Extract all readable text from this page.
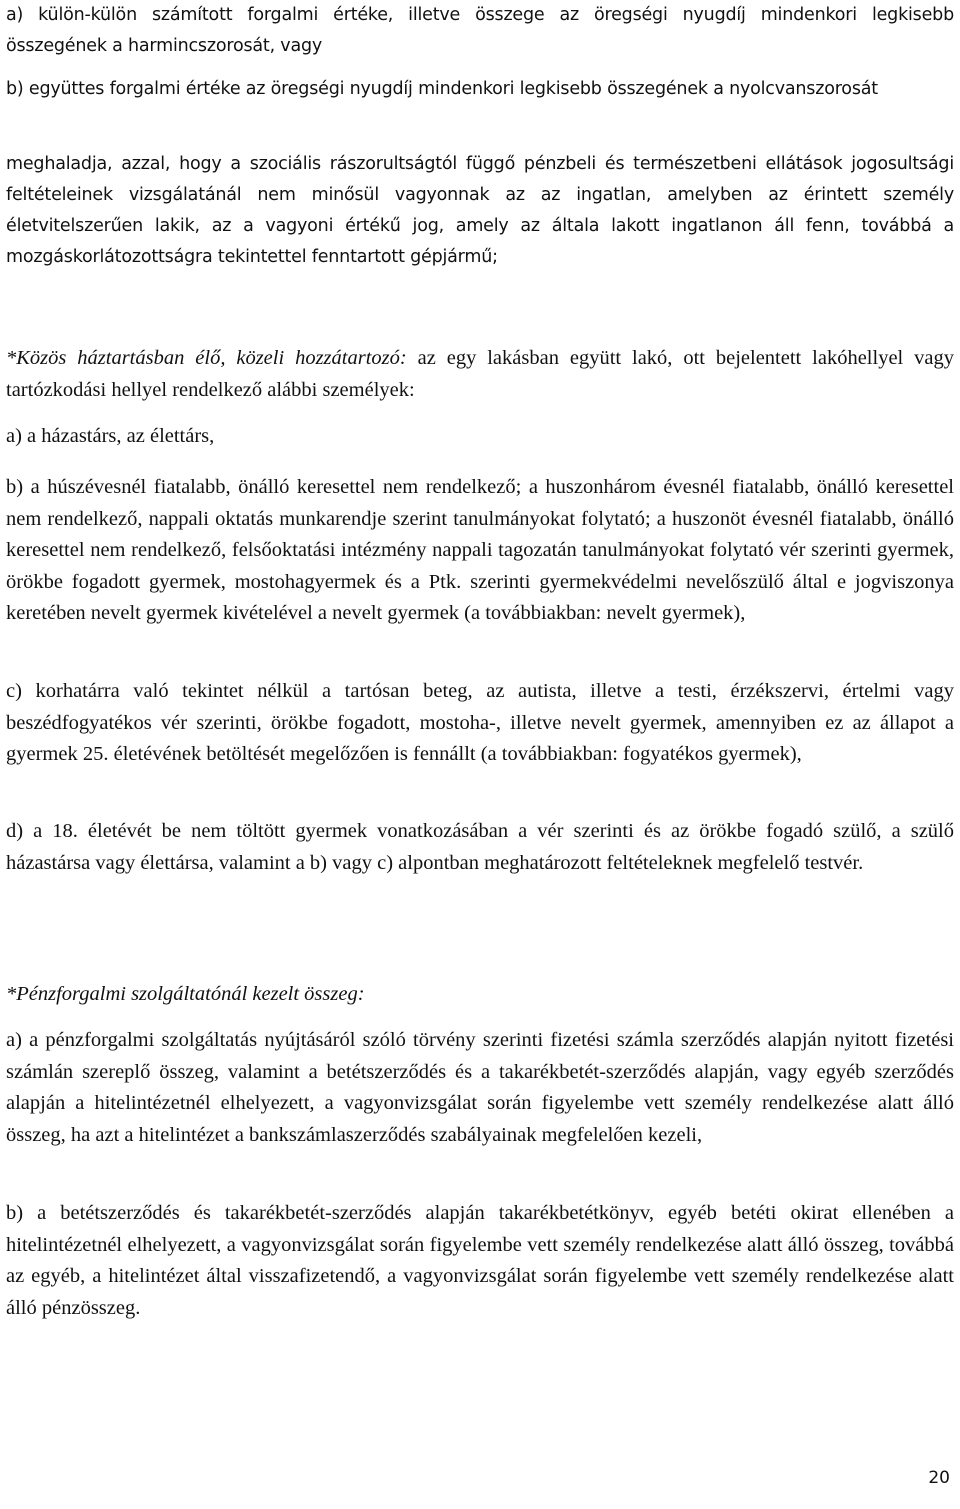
a) külön-külön számított forgalmi értéke, illetve összege az öregségi nyugdíj mindenkori legkisebb összegének a harmincszorosát, vagy

b) együttes forgalmi értéke az öregségi nyugdíj mindenkori legkisebb összegének a nyolcvanszorosát

meghaladja, azzal, hogy a szociális rászorultságtól függő pénzbeli és természetbeni ellátások jogosultsági feltételeinek vizsgálatánál nem minősül vagyonnak az az ingatlan, amelyben az érintett személy életvitelszerűen lakik, az a vagyoni értékű jog, amely az általa lakott ingatlanon áll fenn, továbbá a mozgáskorlátozottságra tekintettel fenntartott gépjármű;

*Közös háztartásban élő, közeli hozzátartozó: az egy lakásban együtt lakó, ott bejelentett lakóhellyel vagy tartózkodási hellyel rendelkező alábbi személyek:

a) a házastárs, az élettárs,

b) a húszévesnél fiatalabb, önálló keresettel nem rendelkező; a huszonhárom évesnél fiatalabb, önálló keresettel nem rendelkező, nappali oktatás munkarendje szerint tanulmányokat folytató; a huszonöt évesnél fiatalabb, önálló keresettel nem rendelkező, felsőoktatási intézmény nappali tagozatán tanulmányokat folytató vér szerinti gyermek, örökbe fogadott gyermek, mostohagyermek és a Ptk. szerinti gyermekvédelmi nevelőszülő által e jogviszonya keretében nevelt gyermek kivételével a nevelt gyermek (a továbbiakban: nevelt gyermek),

c) korhatárra való tekintet nélkül a tartósan beteg, az autista, illetve a testi, érzékszervi, értelmi vagy beszédfogyatékos vér szerinti, örökbe fogadott, mostoha-, illetve nevelt gyermek, amennyiben ez az állapot a gyermek 25. életévének betöltését megelőzően is fennállt (a továbbiakban: fogyatékos gyermek),

d) a 18. életévét be nem töltött gyermek vonatkozásában a vér szerinti és az örökbe fogadó szülő, a szülő házastársa vagy élettársa, valamint a b) vagy c) alpontban meghatározott feltételeknek megfelelő testvér.

*Pénzforgalmi szolgáltatónál kezelt összeg:

a) a pénzforgalmi szolgáltatás nyújtásáról szóló törvény szerinti fizetési számla szerződés alapján nyitott fizetési számlán szereplő összeg, valamint a betétszerződés és a takarékbetét-szerződés alapján, vagy egyéb szerződés alapján a hitelintézetnél elhelyezett, a vagyonvizsgálat során figyelembe vett személy rendelkezése alatt álló összeg, ha azt a hitelintézet a bankszámlaszerződés szabályainak megfelelően kezeli,

b) a betétszerződés és takarékbetét-szerződés alapján takarékbetétkönyv, egyéb betéti okirat ellenében a hitelintézetnél elhelyezett, a vagyonvizsgálat során figyelembe vett személy rendelkezése alatt álló összeg, továbbá az egyéb, a hitelintézet által visszafizetendő, a vagyonvizsgálat során figyelembe vett személy rendelkezése alatt álló pénzösszeg.

20
